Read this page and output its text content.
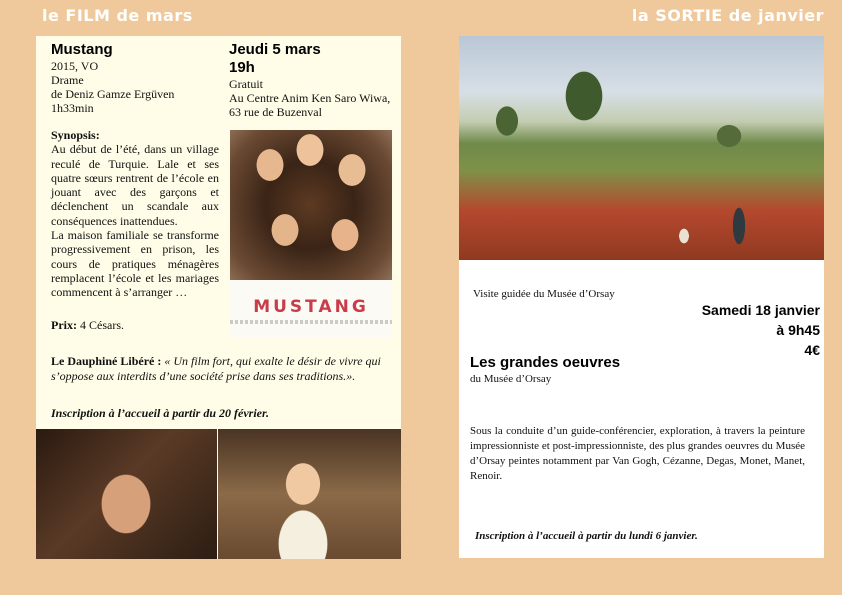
le FILM de mars	la SORTIE de janvier
Mustang
2015, VO
Drame
de Deniz Gamze Ergüven
1h33min
Jeudi 5 mars
19h
Gratuit
Au Centre Anim Ken Saro Wiwa,
63 rue de Buzenval
Synopsis:
Au début de l’été, dans un village reculé de Turquie. Lale et ses quatre sœurs rentrent de l’école en jouant avec des garçons et déclenchent un scandale aux conséquences inattendues.
La maison familiale se transforme progressivement en prison, les cours de pratiques ménagères remplacent l’école et les mariages commencent à s’arranger …
Prix: 4 Césars.
MUSTANG
Le Dauphiné Libéré : « Un film fort, qui exalte le désir de vivre qui s’oppose aux interdits d’une société prise dans ses traditions.».
Inscription à l’accueil à partir du 20 février.
Visite guidée du Musée d’Orsay
Samedi 18 janvier
à 9h45
4€
Les grandes oeuvres
du Musée d’Orsay
Sous la conduite d’un guide-conférencier, exploration, à travers la peinture impressionniste et post-impressionniste, des plus grandes oeuvres du Musée d’Orsay peintes notamment par Van Gogh, Cézanne, Degas, Monet, Manet, Renoir.
Inscription à l’accueil à partir du lundi 6 janvier.
